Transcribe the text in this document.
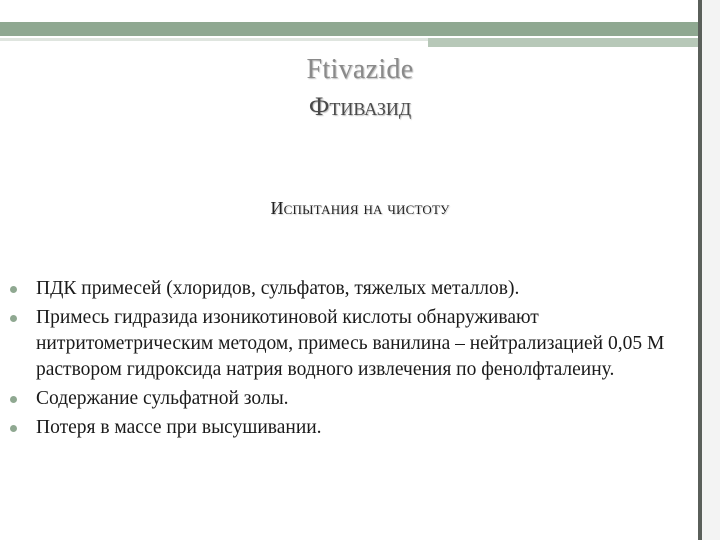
Ftivazide
Фтивазид
Испытания на чистоту
ПДК примесей (хлоридов, сульфатов, тяжелых металлов).
Примесь гидразида изоникотиновой кислоты обнаруживают нитритометрическим методом, примесь ванилина – нейтрализацией 0,05 М раствором гидроксида натрия водного извлечения по фенолфталеину.
Содержание сульфатной золы.
Потеря в массе при высушивании.
